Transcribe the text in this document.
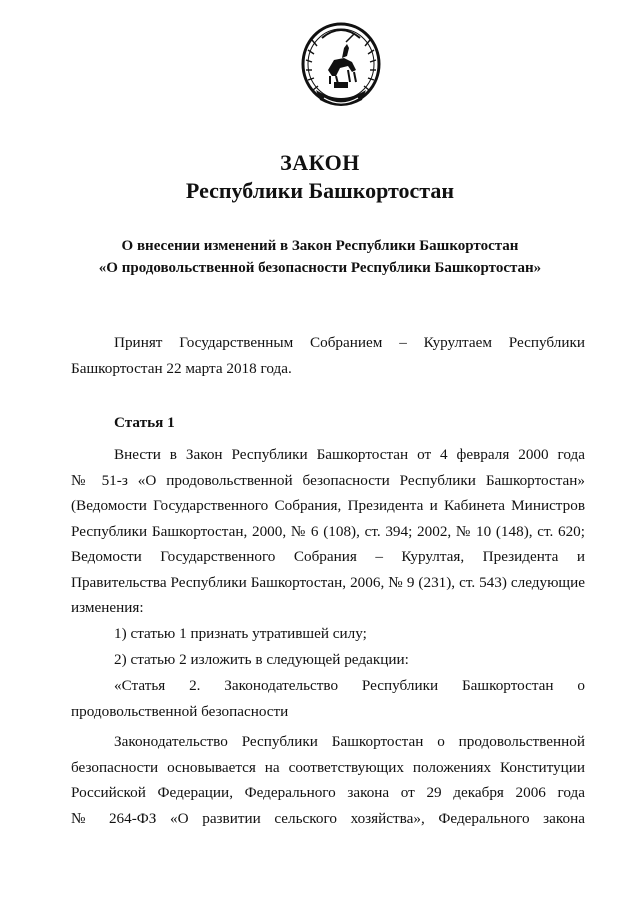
ЗАКОН
Республики Башкортостан
О внесении изменений в Закон Республики Башкортостан
«О продовольственной безопасности Республики Башкортостан»
Принят Государственным Собранием – Курултаем Республики
Башкортостан 22 марта 2018 года.
Статья 1
Внести в Закон Республики Башкортостан от 4 февраля 2000 года
№ 51-з «О продовольственной безопасности Республики Башкортостан»
(Ведомости Государственного Собрания, Президента и Кабинета Министров
Республики Башкортостан, 2000, № 6 (108), ст. 394; 2002, № 10 (148), ст. 620;
Ведомости Государственного Собрания – Курултая, Президента и
Правительства Республики Башкортостан, 2006, № 9 (231), ст. 543) следующие
изменения:
1) статью 1 признать утратившей силу;
2) статью 2 изложить в следующей редакции:
«Статья 2. Законодательство Республики Башкортостан о
продовольственной безопасности
Законодательство Республики Башкортостан о продовольственной
безопасности основывается на соответствующих положениях Конституции
Российской Федерации, Федерального закона от 29 декабря 2006 года
№ 264-ФЗ «О развитии сельского хозяйства», Федерального закона
